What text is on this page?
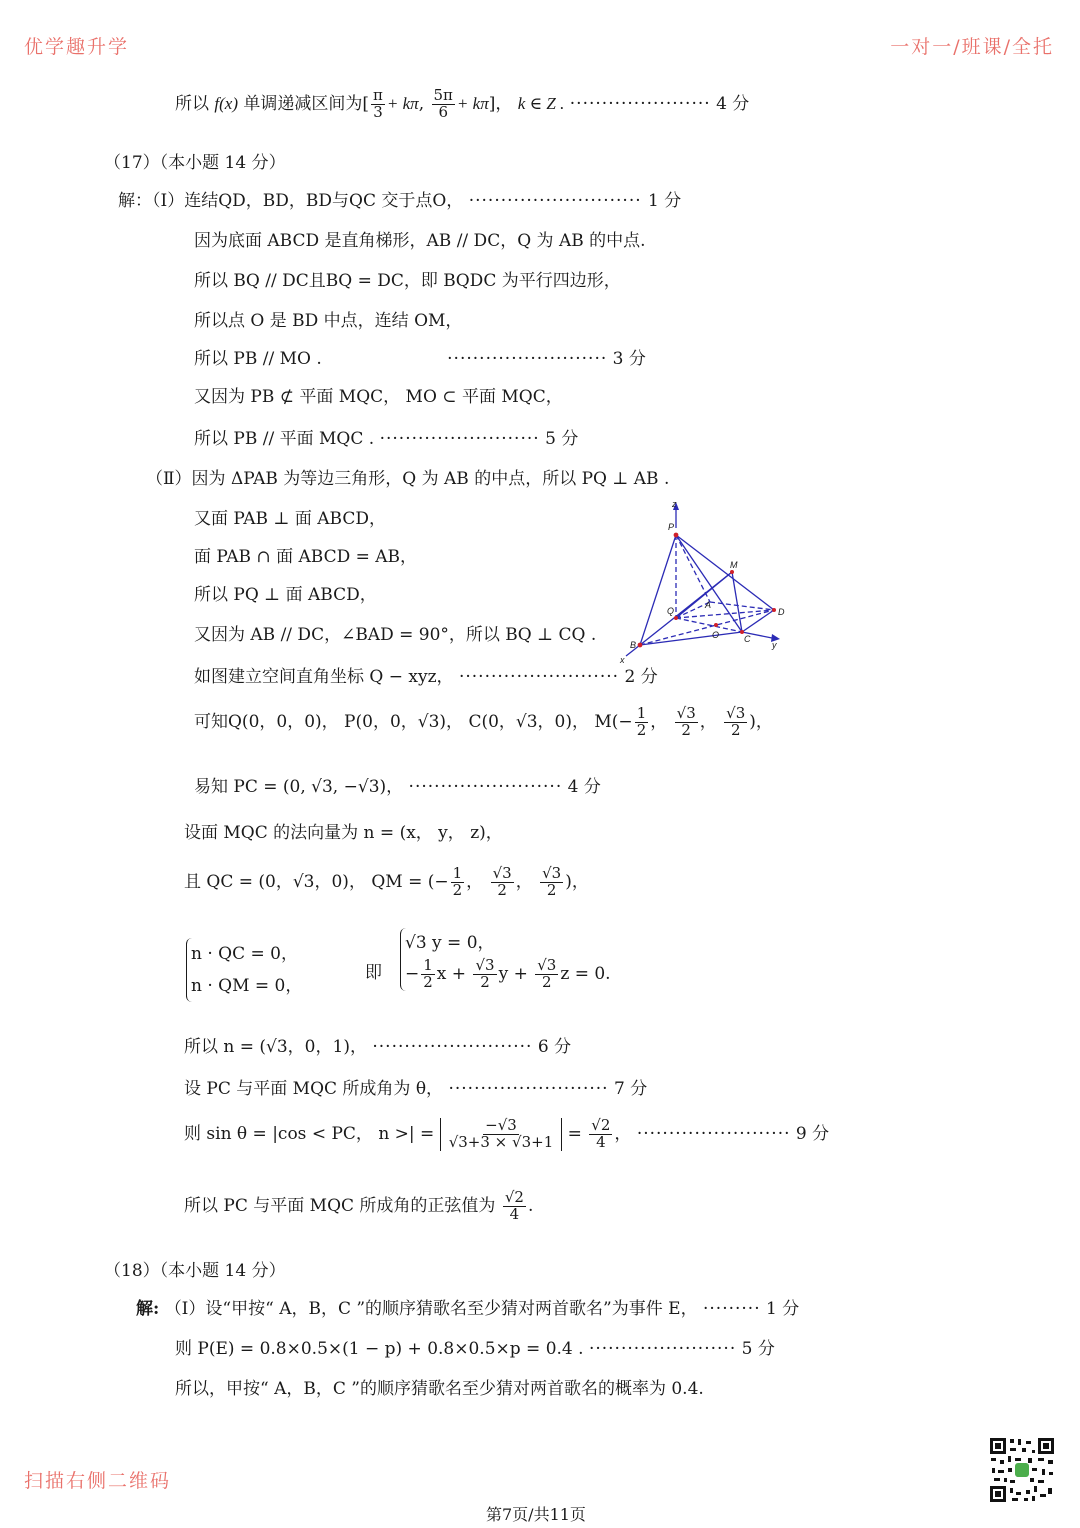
优学趣升学	一对一/班课/全托
扫描右侧二维码
所以 f(x) 单调递减区间为[ $\frac{\pi}{3} + k\pi$, $\frac{5\pi}{6} + k\pi$]， k ∈ Z . ······················ 4 分
（17）（本小题 14 分）
解：（Ⅰ）连结QD，BD，BD与QC 交于点O， ··························· 1 分
因为底面 ABCD 是直角梯形，AB // DC，Q 为 AB 的中点.
所以 BQ // DC且BQ = DC，即 BQDC 为平行四边形，
所以点 O 是 BD 中点，连结 OM，
所以 PB // MO .	························· 3 分
又因为 PB ⊄ 平面 MQC， MO ⊂ 平面 MQC，
所以 PB // 平面 MQC . ························· 5 分
（Ⅱ）因为 ΔPAB 为等边三角形，Q 为 AB 的中点，所以 PQ ⊥ AB .
又面 PAB ⊥ 面 ABCD，
面 PAB ∩ 面 ABCD = AB，
所以 PQ ⊥ 面 ABCD，
又因为 AB // DC，∠BAD = 90°，所以 BQ ⊥ CQ .
如图建立空间直角坐标 Q − xyz， ························· 2 分
z
P
M
Q
A
O
D
C
B
x
y
可知Q(0，0，0)， P(0，0，√3)， C(0，√3，0)， $M(- \frac{1}{2}$ ， $\frac{√3}{2}$ ， $\frac{√3}{2}$ )，
易知 PC = (0, √3, −√3)， ························ 4 分
设面 MQC 的法向量为 n = (x， y， z)，
且 QC = (0，√3，0)， QM = (− $\frac{1}{2}$ ， $\frac{√3}{2}$ ， $\frac{√3}{2}$ )，
n · QC = 0，
n · QM = 0，
即
√3 y = 0，
− $\frac{1}{2}$ $x + \frac{√3}{2}$ $y + \frac{√3}{2}$ z = 0.
所以 n = (√3，0，1)， ························· 6 分
设 PC 与平面 MQC 所成角为 θ， ························· 7 分
则 sin θ = |cos < PC， n >| = $\frac{-√3}{√3+3 \times √3+1} = \frac{√2}{4}$ ， ························ 9 分
所以 PC 与平面 MQC 所成角的正弦值为 $\frac{√2}{4}$ .
（18）（本小题 14 分）
解: （Ⅰ）设“甲按“ A，B，C ”的顺序猜歌名至少猜对两首歌名”为事件 E， ········· 1 分
则 P(E) = 0.8×0.5×(1 − p) + 0.8×0.5×p = 0.4 . ······················· 5 分
所以，甲按“ A，B，C ”的顺序猜歌名至少猜对两首歌名的概率为 0.4.
第7页/共11页
